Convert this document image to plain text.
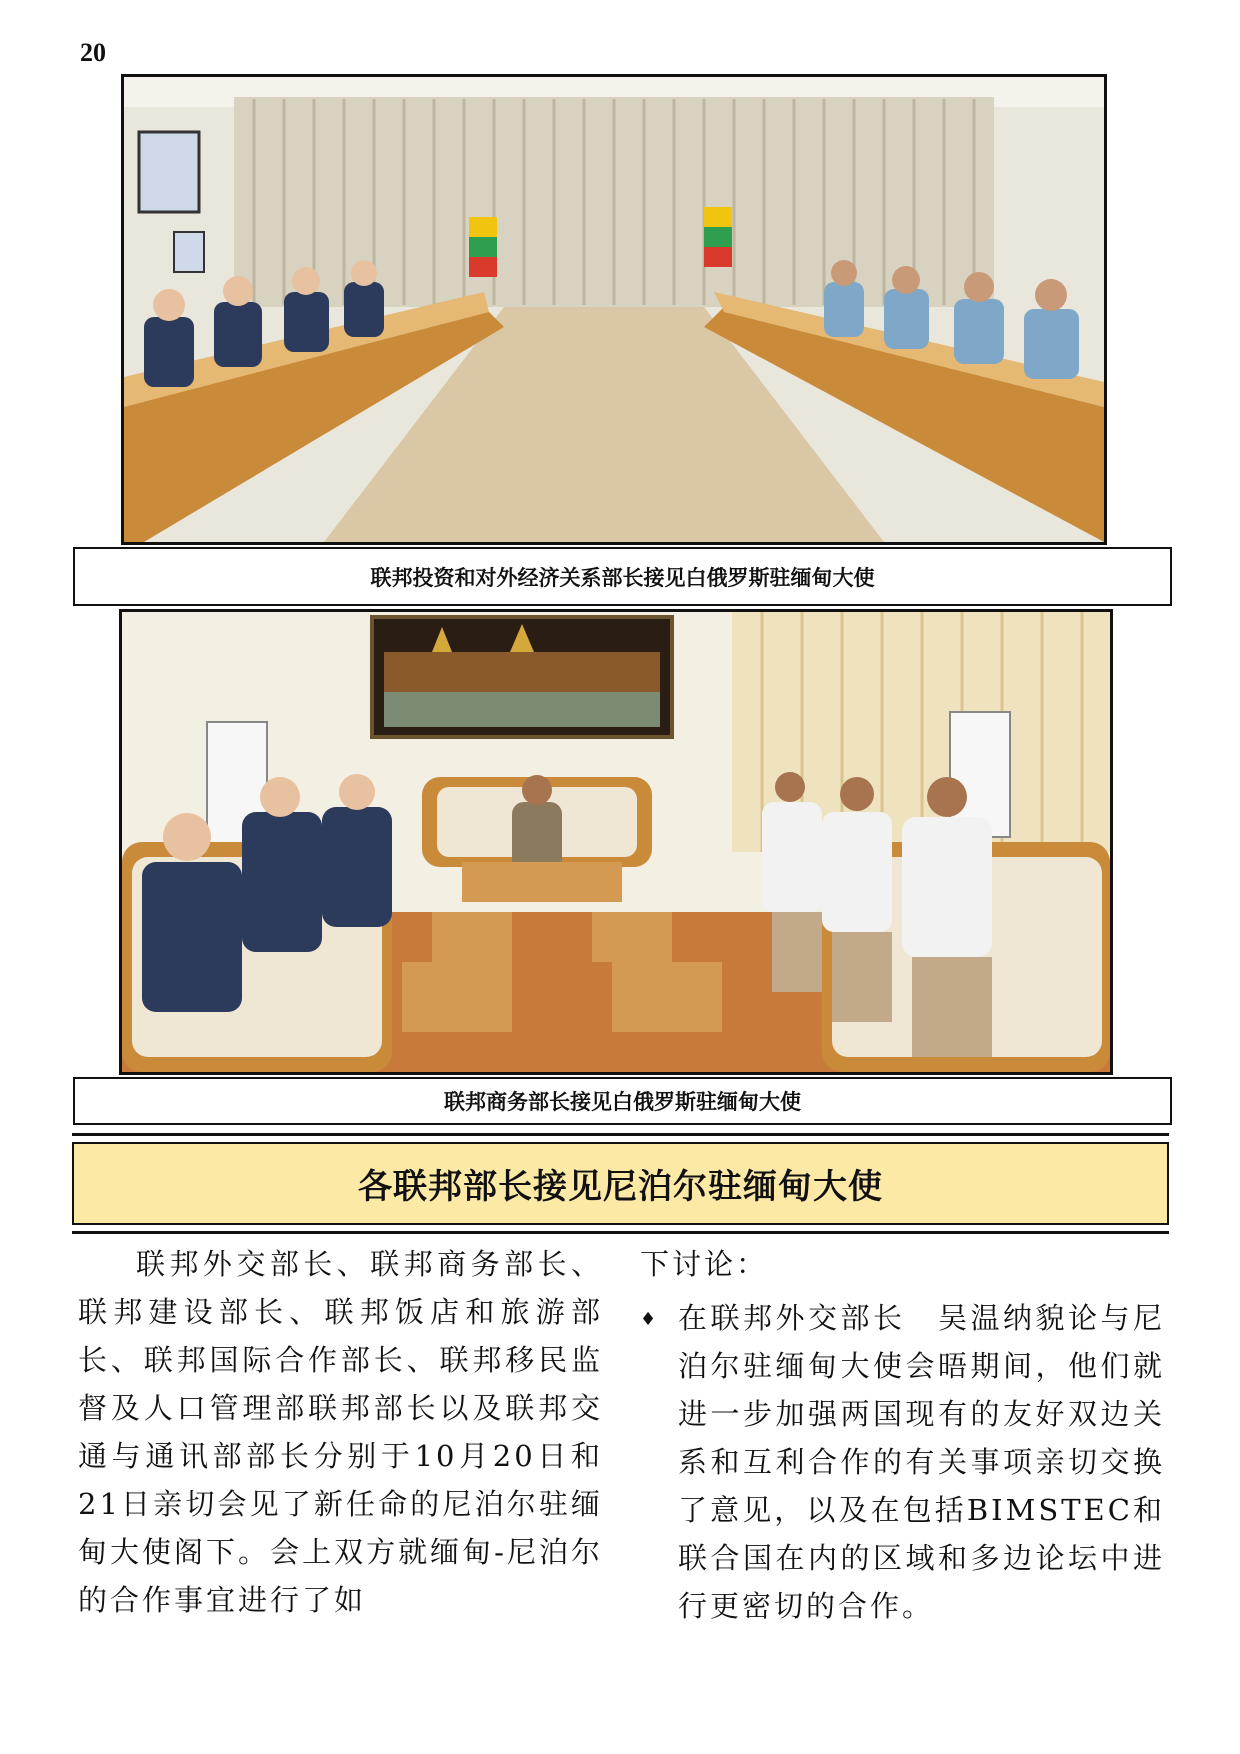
20
联邦投资和对外经济关系部长接见白俄罗斯驻缅甸大使
联邦商务部长接见白俄罗斯驻缅甸大使
各联邦部长接见尼泊尔驻缅甸大使
联邦外交部长、联邦商务部长、联邦建设部长、联邦饭店和旅游部长、联邦国际合作部长、联邦移民监督及人口管理部联邦部长以及联邦交通与通讯部部长分别于10月20日和21日亲切会见了新任命的尼泊尔驻缅甸大使阁下。会上双方就缅甸-尼泊尔的合作事宜进行了如

下讨论：

♦ 在联邦外交部长　吴温纳貌论与尼泊尔驻缅甸大使会晤期间，他们就进一步加强两国现有的友好双边关系和互利合作的有关事项亲切交换了意见，以及在包括BIMSTEC和联合国在内的区域和多边论坛中进行更密切的合作。
